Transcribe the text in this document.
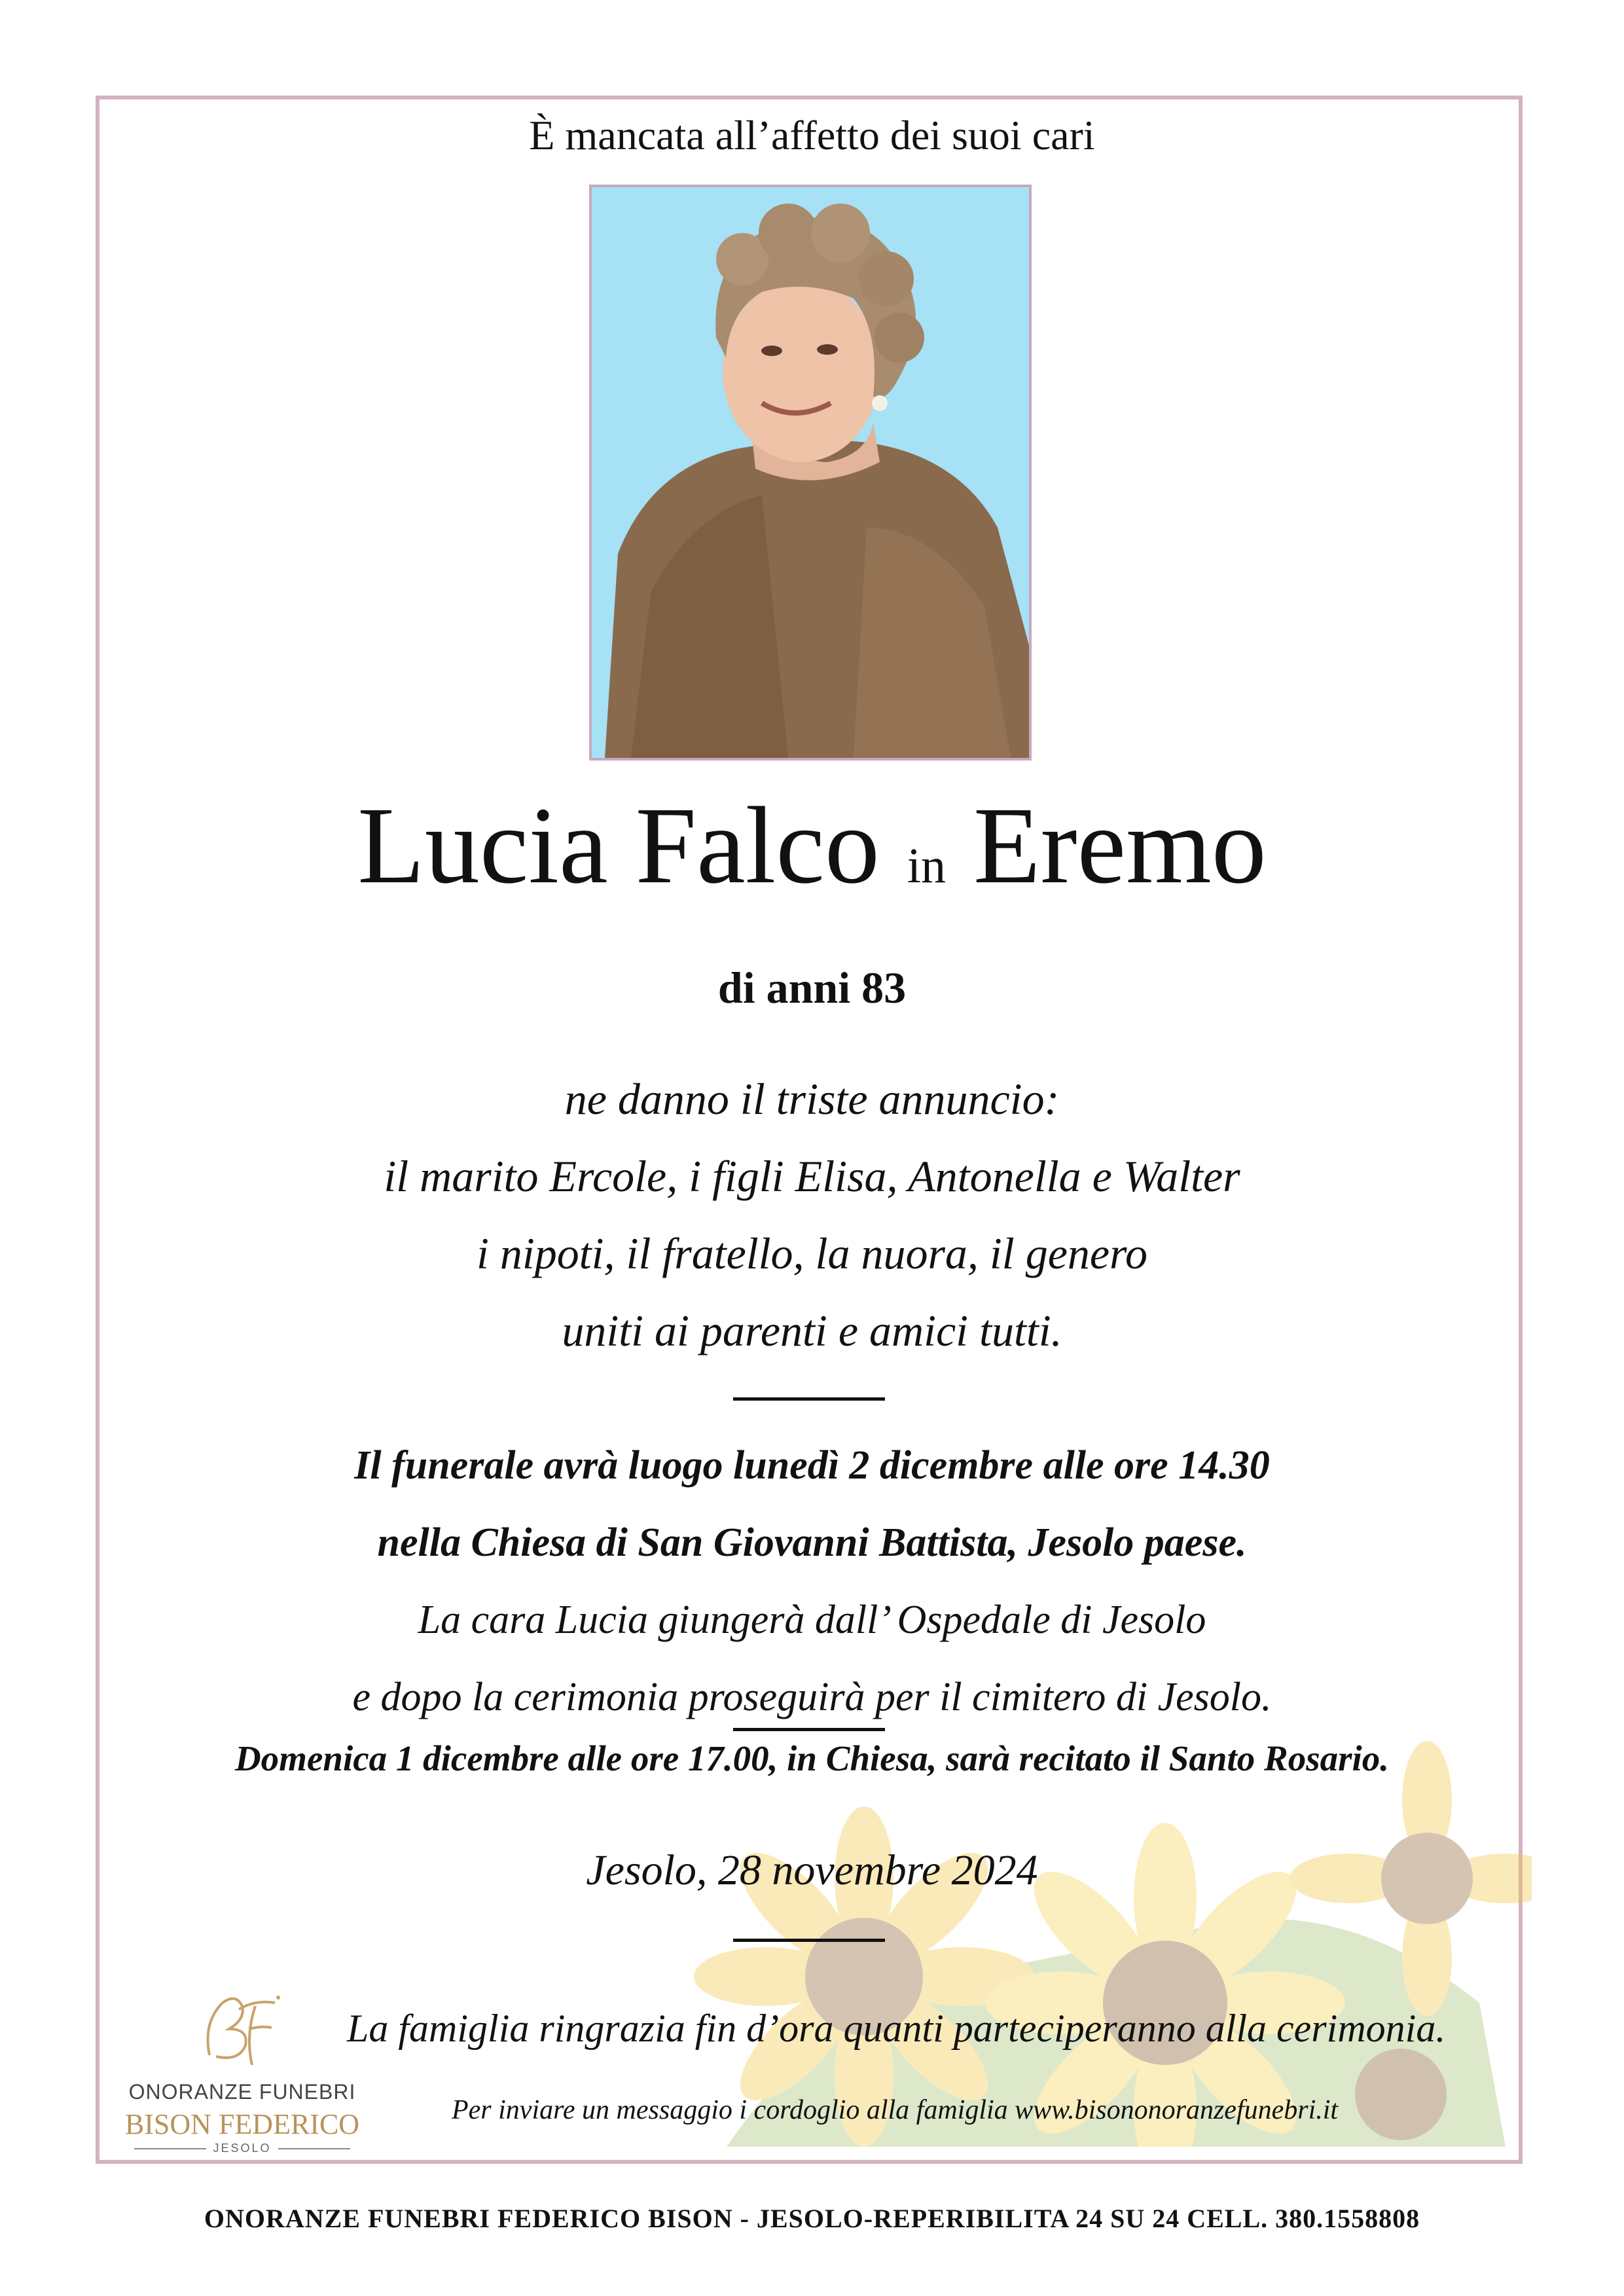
È mancata all’affetto dei suoi cari
Lucia Falco in Eremo
di anni 83
ne danno il triste annuncio:
il marito Ercole, i figli Elisa, Antonella e Walter
i nipoti, il fratello, la nuora, il genero
uniti ai parenti e amici tutti.
Il funerale avrà luogo lunedì 2 dicembre alle ore 14.30
nella Chiesa di San Giovanni Battista, Jesolo paese.
La cara Lucia giungerà dall’ Ospedale di Jesolo
e dopo la cerimonia proseguirà per il cimitero di Jesolo.
Domenica 1 dicembre alle ore 17.00, in Chiesa, sarà recitato il Santo Rosario.
Jesolo, 28 novembre 2024
ONORANZE FUNEBRI
BISON FEDERICO
JESOLO
La famiglia ringrazia fin d’ora quanti parteciperanno alla cerimonia.
Per inviare un messaggio i cordoglio alla famiglia www.bisononoranzefunebri.it
ONORANZE FUNEBRI FEDERICO BISON - JESOLO-REPERIBILITA 24 SU 24 CELL. 380.1558808
